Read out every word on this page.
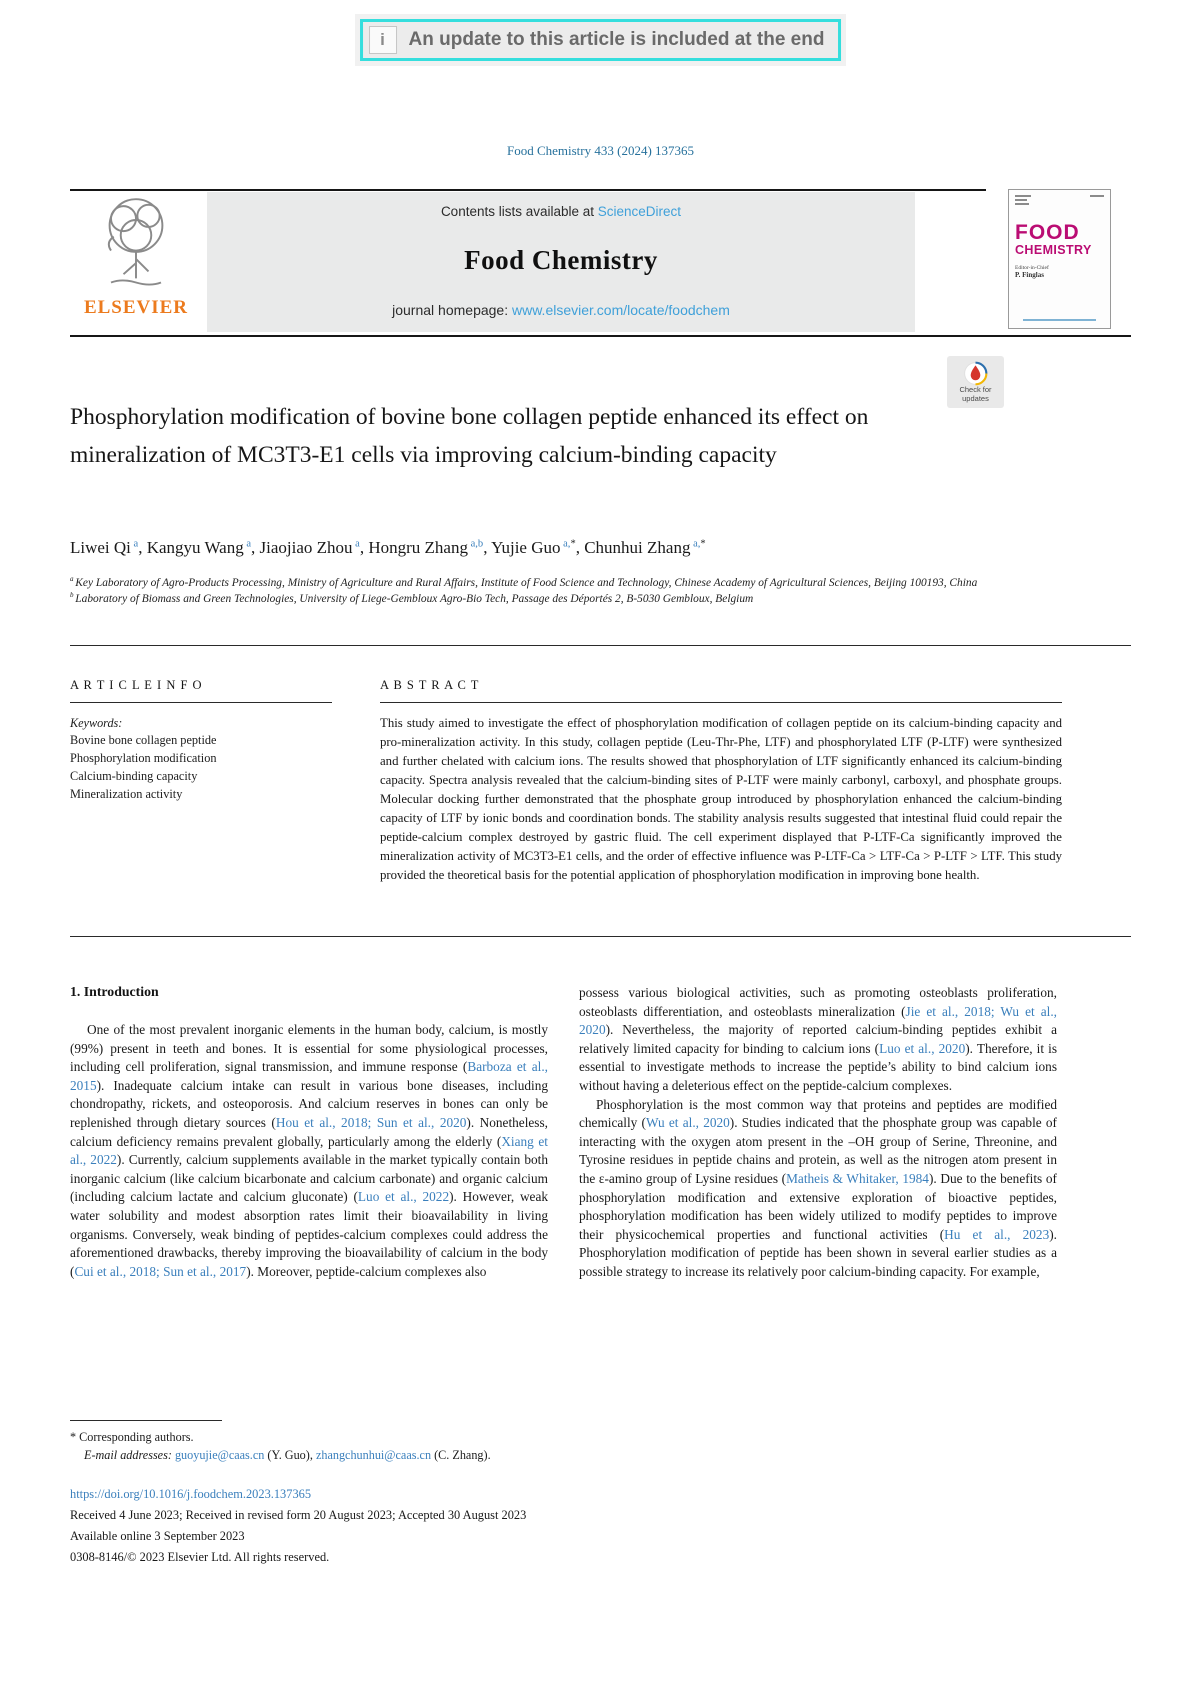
i	An update to this article is included at the end
Food Chemistry 433 (2024) 137365
ELSEVIER
Contents lists available at ScienceDirect
Food Chemistry
journal homepage: www.elsevier.com/locate/foodchem
FOOD
CHEMISTRY
Editor-in-Chief
P. Finglas
Check for
updates
Phosphorylation modification of bovine bone collagen peptide enhanced its effect on mineralization of MC3T3-E1 cells via improving calcium-binding capacity
Liwei Qi $^a$, Kangyu Wang $^a$, Jiaojiao Zhou $^a$, Hongru Zhang $^{a,b}$, Yujie Guo $^{a,*}$, Chunhui Zhang $^{a,*}$
$^a$ Key Laboratory of Agro-Products Processing, Ministry of Agriculture and Rural Affairs, Institute of Food Science and Technology, Chinese Academy of Agricultural Sciences, Beijing 100193, China
$^b$ Laboratory of Biomass and Green Technologies, University of Liege-Gembloux Agro-Bio Tech, Passage des Déportés 2, B-5030 Gembloux, Belgium
A R T I C L E I N F O
Keywords:
Bovine bone collagen peptide
Phosphorylation modification
Calcium-binding capacity
Mineralization activity
A B S T R A C T
This study aimed to investigate the effect of phosphorylation modification of collagen peptide on its calcium-binding capacity and pro-mineralization activity. In this study, collagen peptide (Leu-Thr-Phe, LTF) and phosphorylated LTF (P-LTF) were synthesized and further chelated with calcium ions. The results showed that phosphorylation of LTF significantly enhanced its calcium-binding capacity. Spectra analysis revealed that the calcium-binding sites of P-LTF were mainly carbonyl, carboxyl, and phosphate groups. Molecular docking further demonstrated that the phosphate group introduced by phosphorylation enhanced the calcium-binding capacity of LTF by ionic bonds and coordination bonds. The stability analysis results suggested that intestinal fluid could repair the peptide-calcium complex destroyed by gastric fluid. The cell experiment displayed that P-LTF-Ca significantly improved the mineralization activity of MC3T3-E1 cells, and the order of effective influence was P-LTF-Ca > LTF-Ca > P-LTF > LTF. This study provided the theoretical basis for the potential application of phosphorylation modification in improving bone health.
1. Introduction
One of the most prevalent inorganic elements in the human body, calcium, is mostly (99%) present in teeth and bones. It is essential for some physiological processes, including cell proliferation, signal transmission, and immune response (Barboza et al., 2015). Inadequate calcium intake can result in various bone diseases, including chondropathy, rickets, and osteoporosis. And calcium reserves in bones can only be replenished through dietary sources (Hou et al., 2018; Sun et al., 2020). Nonetheless, calcium deficiency remains prevalent globally, particularly among the elderly (Xiang et al., 2022). Currently, calcium supplements available in the market typically contain both inorganic calcium (like calcium bicarbonate and calcium carbonate) and organic calcium (including calcium lactate and calcium gluconate) (Luo et al., 2022). However, weak water solubility and modest absorption rates limit their bioavailability in living organisms. Conversely, weak binding of peptides-calcium complexes could address the aforementioned drawbacks, thereby improving the bioavailability of calcium in the body (Cui et al., 2018; Sun et al., 2017). Moreover, peptide-calcium complexes also
possess various biological activities, such as promoting osteoblasts proliferation, osteoblasts differentiation, and osteoblasts mineralization (Jie et al., 2018; Wu et al., 2020). Nevertheless, the majority of reported calcium-binding peptides exhibit a relatively limited capacity for binding to calcium ions (Luo et al., 2020). Therefore, it is essential to investigate methods to increase the peptide’s ability to bind calcium ions without having a deleterious effect on the peptide-calcium complexes.
Phosphorylation is the most common way that proteins and peptides are modified chemically (Wu et al., 2020). Studies indicated that the phosphate group was capable of interacting with the oxygen atom present in the –OH group of Serine, Threonine, and Tyrosine residues in peptide chains and protein, as well as the nitrogen atom present in the ε-amino group of Lysine residues (Matheis & Whitaker, 1984). Due to the benefits of phosphorylation modification and extensive exploration of bioactive peptides, phosphorylation modification has been widely utilized to modify peptides to improve their physicochemical properties and functional activities (Hu et al., 2023). Phosphorylation modification of peptide has been shown in several earlier studies as a possible strategy to increase its relatively poor calcium-binding capacity. For example,
* Corresponding authors.
E-mail addresses: guoyujie@caas.cn (Y. Guo), zhangchunhui@caas.cn (C. Zhang).
https://doi.org/10.1016/j.foodchem.2023.137365
Received 4 June 2023; Received in revised form 20 August 2023; Accepted 30 August 2023
Available online 3 September 2023
0308-8146/© 2023 Elsevier Ltd. All rights reserved.
